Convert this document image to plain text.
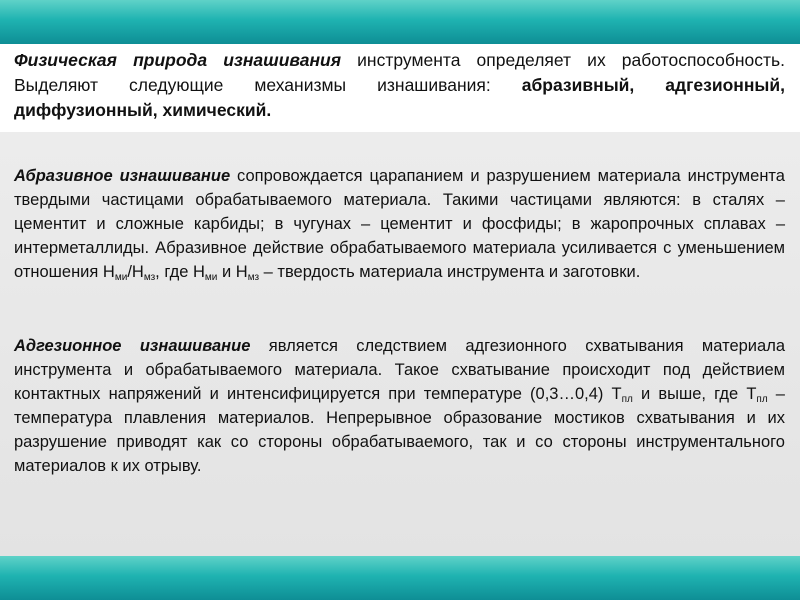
Физическая природа изнашивания инструмента определяет их работоспособность. Выделяют следующие механизмы изнашивания: абразивный, адгезионный, диффузионный, химический.
Абразивное изнашивание сопровождается царапанием и разрушением материала инструмента твердыми частицами обрабатываемого материала. Такими частицами являются: в сталях – цементит и сложные карбиды; в чугунах – цементит и фосфиды; в жаропрочных сплавах – интерметаллиды. Абразивное действие обрабатываемого материала усиливается с уменьшением отношения $H_{ми}/H_{мз}$, где $H_{ми}$ и $H_{мз}$ – твердость материала инструмента и заготовки.
Адгезионное изнашивание является следствием адгезионного схватывания материала инструмента и обрабатываемого материала. Такое схватывание происходит под действием контактных напряжений и интенсифицируется при температуре (0,3…0,4) $Т_{пл}$ и выше, где $Т_{пл}$ – температура плавления материалов. Непрерывное образование мостиков схватывания и их разрушение приводят как со стороны обрабатываемого, так и со стороны инструментального материалов к их отрыву.
